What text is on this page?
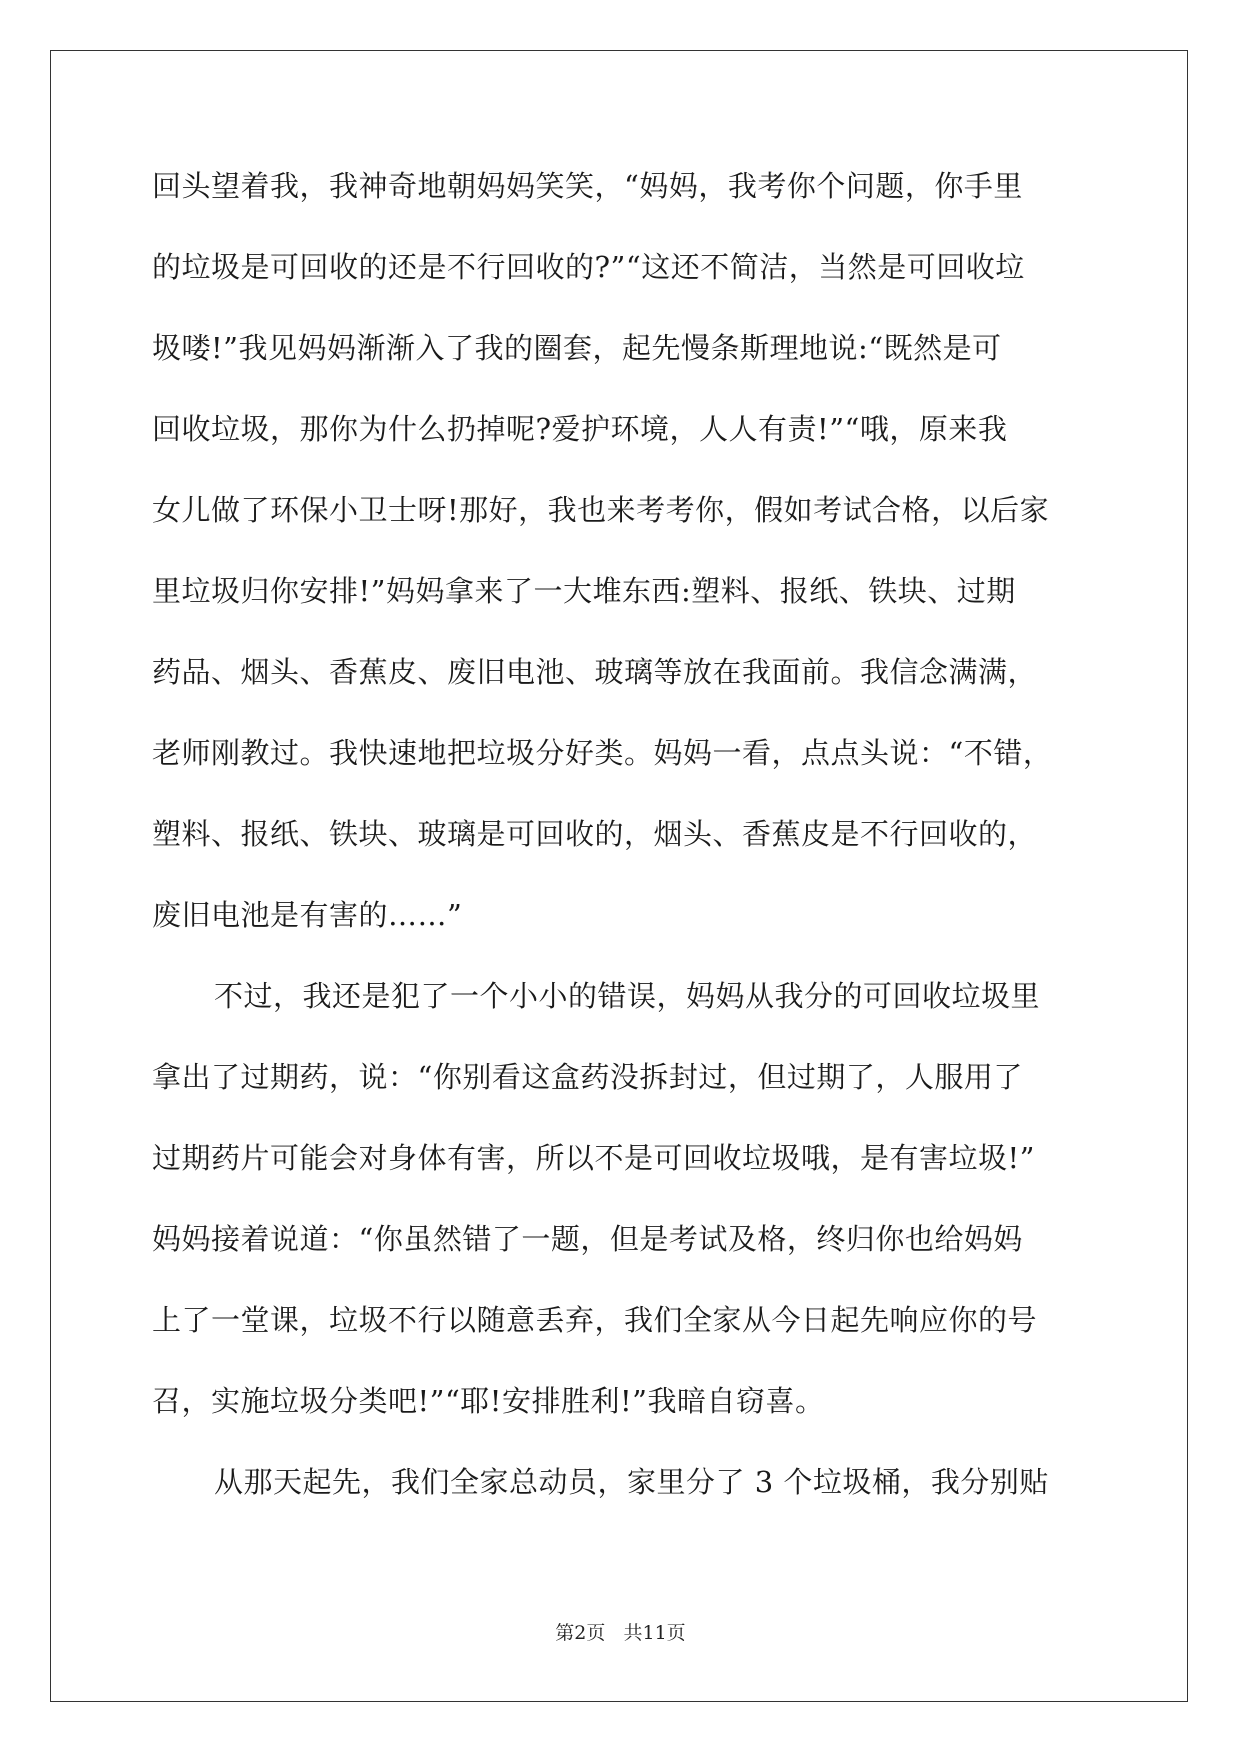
回头望着我，我神奇地朝妈妈笑笑，“妈妈，我考你个问题，你手里
的垃圾是可回收的还是不行回收的?”“这还不简洁，当然是可回收垃
圾喽!”我见妈妈渐渐入了我的圈套，起先慢条斯理地说:“既然是可
回收垃圾，那你为什么扔掉呢?爱护环境，人人有责!”“哦，原来我
女儿做了环保小卫士呀!那好，我也来考考你，假如考试合格，以后家
里垃圾归你安排!”妈妈拿来了一大堆东西:塑料、报纸、铁块、过期
药品、烟头、香蕉皮、废旧电池、玻璃等放在我面前。我信念满满，
老师刚教过。我快速地把垃圾分好类。妈妈一看，点点头说：“不错，
塑料、报纸、铁块、玻璃是可回收的，烟头、香蕉皮是不行回收的，
废旧电池是有害的……”
不过，我还是犯了一个小小的错误，妈妈从我分的可回收垃圾里
拿出了过期药，说：“你别看这盒药没拆封过，但过期了，人服用了
过期药片可能会对身体有害，所以不是可回收垃圾哦，是有害垃圾!”
妈妈接着说道：“你虽然错了一题，但是考试及格，终归你也给妈妈
上了一堂课，垃圾不行以随意丢弃，我们全家从今日起先响应你的号
召，实施垃圾分类吧!”“耶!安排胜利!”我暗自窃喜。
从那天起先，我们全家总动员，家里分了 3 个垃圾桶，我分别贴
第2页   共11页
